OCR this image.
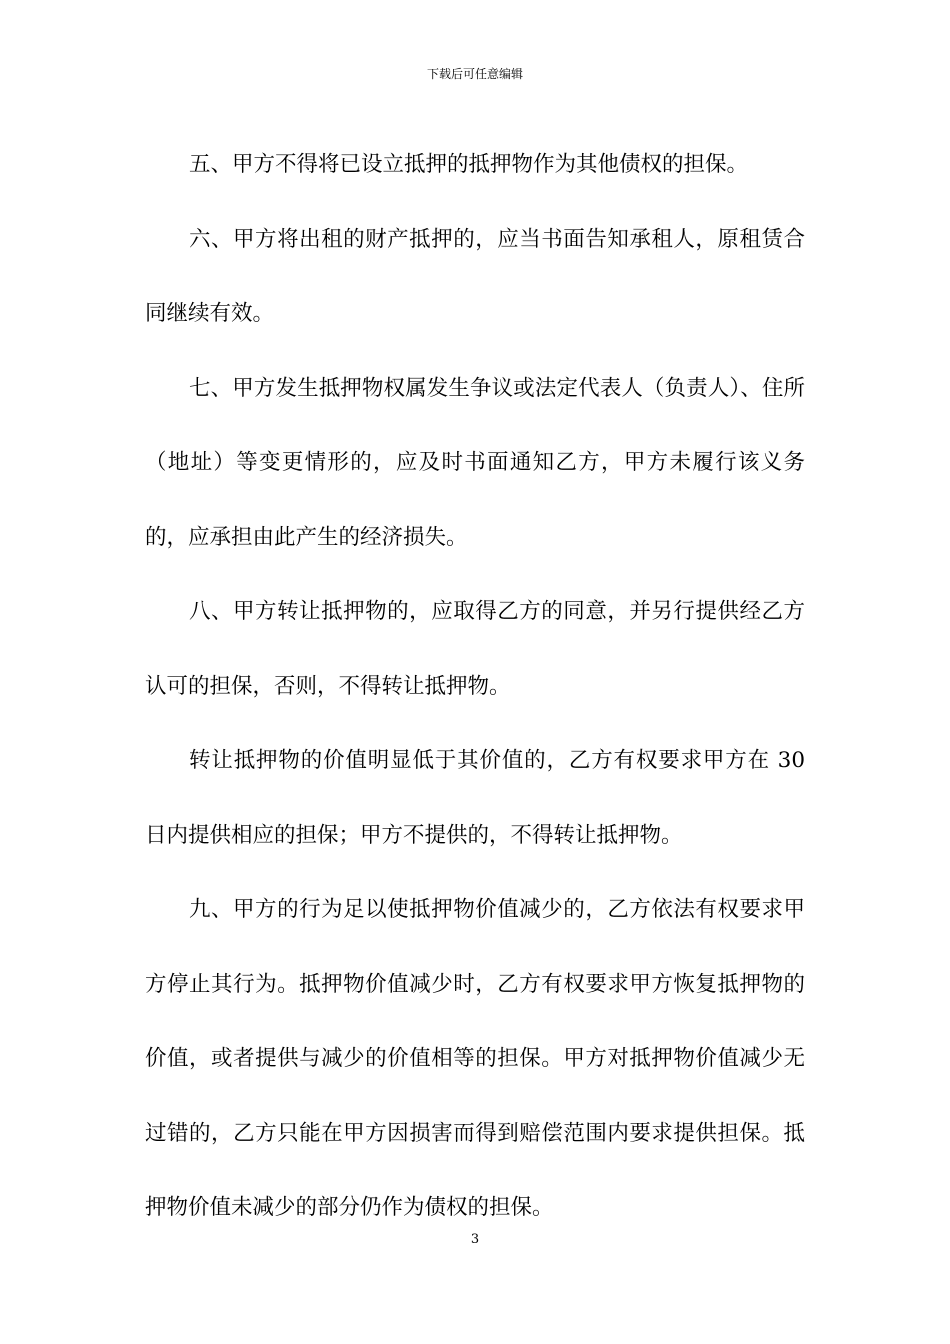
下载后可任意编辑

五、甲方不得将已设立抵押的抵押物作为其他债权的担保。

六、甲方将出租的财产抵押的，应当书面告知承租人，原租赁合同继续有效。

七、甲方发生抵押物权属发生争议或法定代表人（负责人）、住所（地址）等变更情形的，应及时书面通知乙方，甲方未履行该义务的，应承担由此产生的经济损失。

八、甲方转让抵押物的，应取得乙方的同意，并另行提供经乙方认可的担保，否则，不得转让抵押物。

转让抵押物的价值明显低于其价值的，乙方有权要求甲方在 30 日内提供相应的担保；甲方不提供的，不得转让抵押物。

九、甲方的行为足以使抵押物价值减少的，乙方依法有权要求甲方停止其行为。抵押物价值减少时，乙方有权要求甲方恢复抵押物的价值，或者提供与减少的价值相等的担保。甲方对抵押物价值减少无过错的，乙方只能在甲方因损害而得到赔偿范围内要求提供担保。抵押物价值未减少的部分仍作为债权的担保。

3
